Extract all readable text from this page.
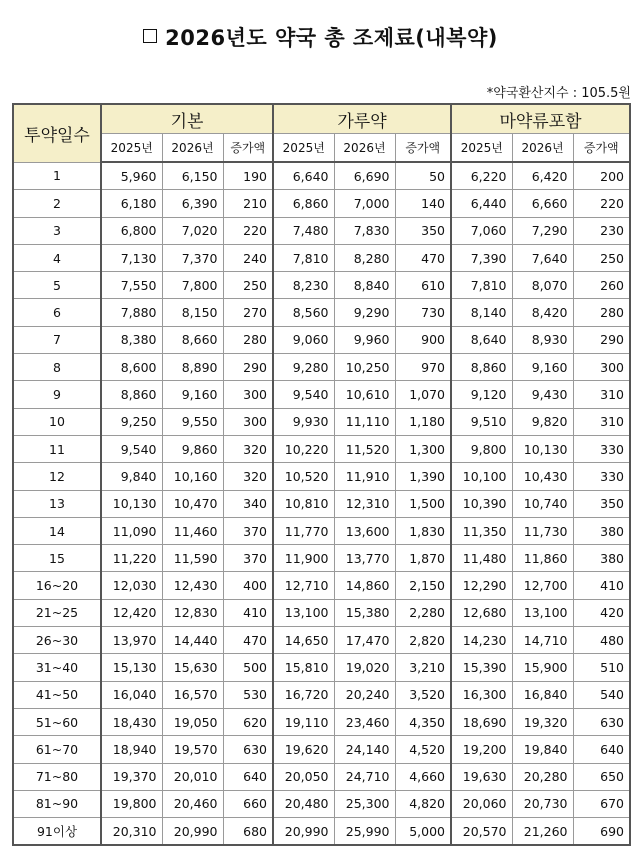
2026년도 약국 총 조제료(내복약)
*약국환산지수 : 105.5원
투약일수	기본			가루약			마약류포함		
	2025년	2026년	증가액	2025년	2026년	증가액	2025년	2026년	증가액
1	5,960	6,150	190	6,640	6,690	50	6,220	6,420	200
2	6,180	6,390	210	6,860	7,000	140	6,440	6,660	220
3	6,800	7,020	220	7,480	7,830	350	7,060	7,290	230
4	7,130	7,370	240	7,810	8,280	470	7,390	7,640	250
5	7,550	7,800	250	8,230	8,840	610	7,810	8,070	260
6	7,880	8,150	270	8,560	9,290	730	8,140	8,420	280
7	8,380	8,660	280	9,060	9,960	900	8,640	8,930	290
8	8,600	8,890	290	9,280	10,250	970	8,860	9,160	300
9	8,860	9,160	300	9,540	10,610	1,070	9,120	9,430	310
10	9,250	9,550	300	9,930	11,110	1,180	9,510	9,820	310
11	9,540	9,860	320	10,220	11,520	1,300	9,800	10,130	330
12	9,840	10,160	320	10,520	11,910	1,390	10,100	10,430	330
13	10,130	10,470	340	10,810	12,310	1,500	10,390	10,740	350
14	11,090	11,460	370	11,770	13,600	1,830	11,350	11,730	380
15	11,220	11,590	370	11,900	13,770	1,870	11,480	11,860	380
16~20	12,030	12,430	400	12,710	14,860	2,150	12,290	12,700	410
21~25	12,420	12,830	410	13,100	15,380	2,280	12,680	13,100	420
26~30	13,970	14,440	470	14,650	17,470	2,820	14,230	14,710	480
31~40	15,130	15,630	500	15,810	19,020	3,210	15,390	15,900	510
41~50	16,040	16,570	530	16,720	20,240	3,520	16,300	16,840	540
51~60	18,430	19,050	620	19,110	23,460	4,350	18,690	19,320	630
61~70	18,940	19,570	630	19,620	24,140	4,520	19,200	19,840	640
71~80	19,370	20,010	640	20,050	24,710	4,660	19,630	20,280	650
81~90	19,800	20,460	660	20,480	25,300	4,820	20,060	20,730	670
91이상	20,310	20,990	680	20,990	25,990	5,000	20,570	21,260	690
